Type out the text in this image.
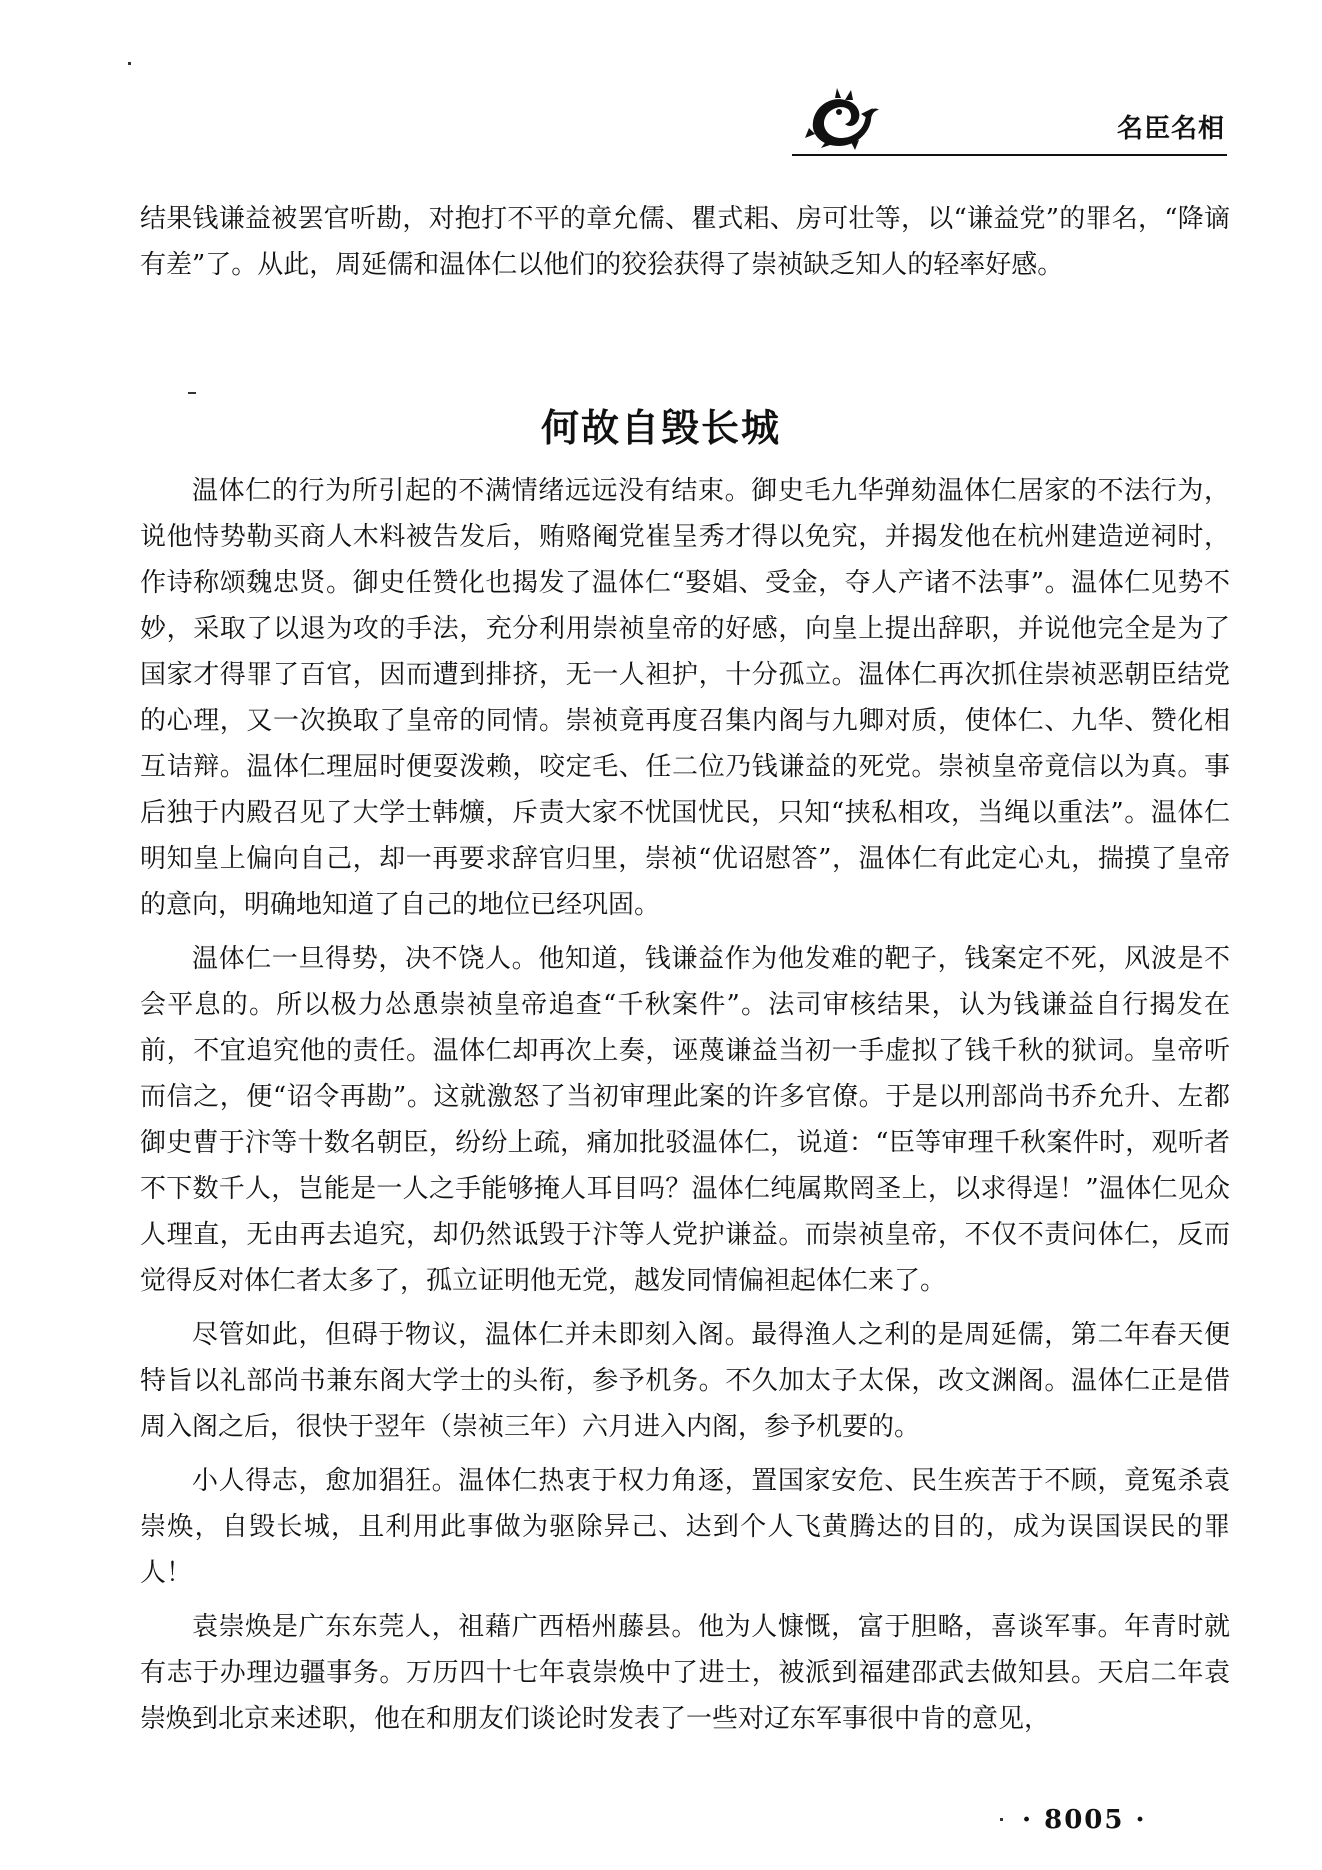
名臣名相

结果钱谦益被罢官听勘，对抱打不平的章允儒、瞿式耜、房可壮等，以“谦益党”的罪名，“降谪有差”了。从此，周延儒和温体仁以他们的狡狯获得了崇祯缺乏知人的轻率好感。

何故自毁长城

温体仁的行为所引起的不满情绪远远没有结束。御史毛九华弹劾温体仁居家的不法行为，说他恃势勒买商人木料被告发后，贿赂阉党崔呈秀才得以免究，并揭发他在杭州建造逆祠时，作诗称颂魏忠贤。御史任赞化也揭发了温体仁“娶娼、受金，夺人产诸不法事”。温体仁见势不妙，采取了以退为攻的手法，充分利用崇祯皇帝的好感，向皇上提出辞职，并说他完全是为了国家才得罪了百官，因而遭到排挤，无一人袒护，十分孤立。温体仁再次抓住崇祯恶朝臣结党的心理，又一次换取了皇帝的同情。崇祯竟再度召集内阁与九卿对质，使体仁、九华、赞化相互诘辩。温体仁理屈时便耍泼赖，咬定毛、任二位乃钱谦益的死党。崇祯皇帝竟信以为真。事后独于内殿召见了大学士韩爌，斥责大家不忧国忧民，只知“挟私相攻，当绳以重法”。温体仁明知皇上偏向自己，却一再要求辞官归里，崇祯“优诏慰答”，温体仁有此定心丸，揣摸了皇帝的意向，明确地知道了自己的地位已经巩固。

温体仁一旦得势，决不饶人。他知道，钱谦益作为他发难的靶子，钱案定不死，风波是不会平息的。所以极力怂恿崇祯皇帝追查“千秋案件”。法司审核结果，认为钱谦益自行揭发在前，不宜追究他的责任。温体仁却再次上奏，诬蔑谦益当初一手虚拟了钱千秋的狱词。皇帝听而信之，便“诏令再勘”。这就激怒了当初审理此案的许多官僚。于是以刑部尚书乔允升、左都御史曹于汴等十数名朝臣，纷纷上疏，痛加批驳温体仁，说道：“臣等审理千秋案件时，观听者不下数千人，岂能是一人之手能够掩人耳目吗？温体仁纯属欺罔圣上，以求得逞！”温体仁见众人理直，无由再去追究，却仍然诋毁于汴等人党护谦益。而崇祯皇帝，不仅不责问体仁，反而觉得反对体仁者太多了，孤立证明他无党，越发同情偏袒起体仁来了。

尽管如此，但碍于物议，温体仁并未即刻入阁。最得渔人之利的是周延儒，第二年春天便特旨以礼部尚书兼东阁大学士的头衔，参予机务。不久加太子太保，改文渊阁。温体仁正是借周入阁之后，很快于翌年（崇祯三年）六月进入内阁，参予机要的。

小人得志，愈加猖狂。温体仁热衷于权力角逐，置国家安危、民生疾苦于不顾，竟冤杀袁崇焕，自毁长城，且利用此事做为驱除异己、达到个人飞黄腾达的目的，成为误国误民的罪人！

袁崇焕是广东东莞人，祖藉广西梧州藤县。他为人慷慨，富于胆略，喜谈军事。年青时就有志于办理边疆事务。万历四十七年袁崇焕中了进士，被派到福建邵武去做知县。天启二年袁崇焕到北京来述职，他在和朋友们谈论时发表了一些对辽东军事很中肯的意见，

· 8005 ·
